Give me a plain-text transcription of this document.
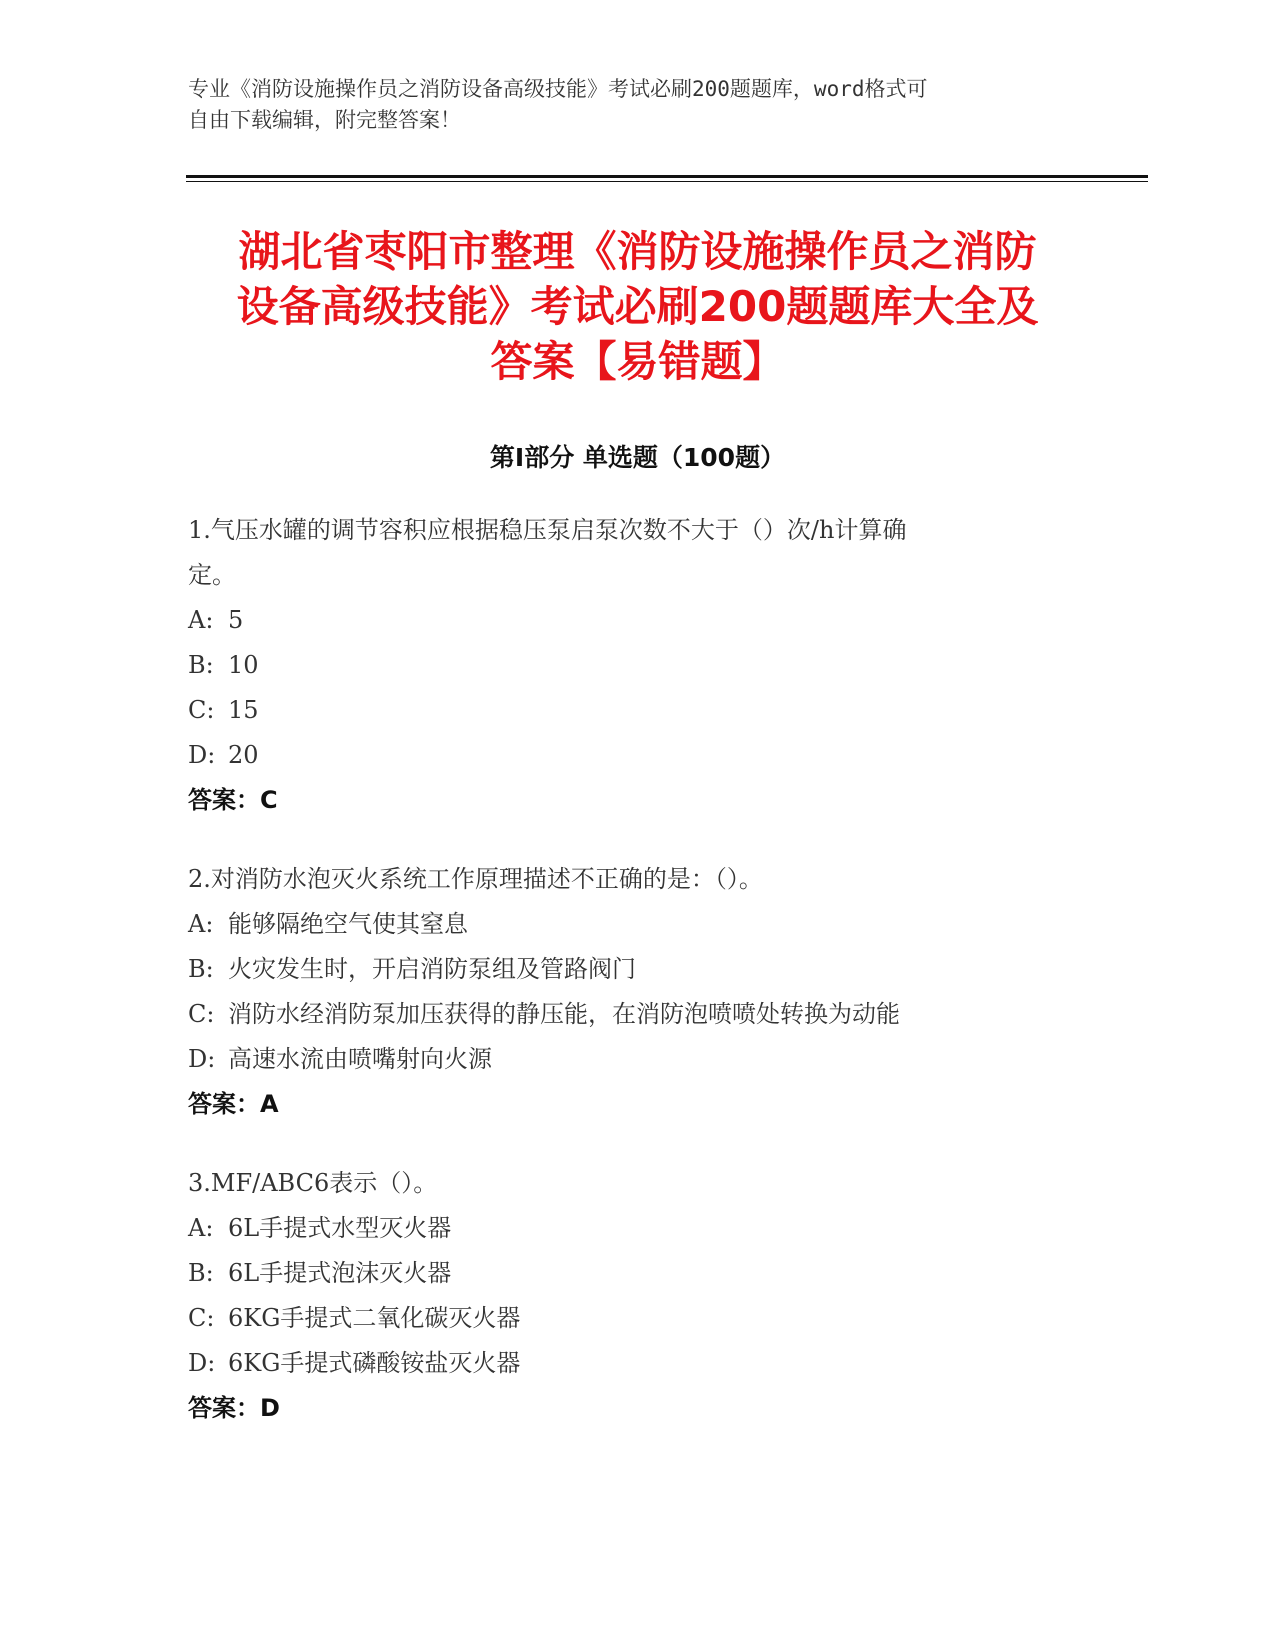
专业《消防设施操作员之消防设备高级技能》考试必刷200题题库，word格式可
自由下载编辑，附完整答案！
湖北省枣阳市整理《消防设施操作员之消防
设备高级技能》考试必刷200题题库大全及
答案【易错题】
第Ⅰ部分 单选题（100题）
1.气压水罐的调节容积应根据稳压泵启泵次数不大于（）次/h计算确
定。
A: 5
B: 10
C: 15
D: 20
答案：C
2.对消防水泡灭火系统工作原理描述不正确的是：（）。
A: 能够隔绝空气使其窒息
B: 火灾发生时，开启消防泵组及管路阀门
C: 消防水经消防泵加压获得的静压能，在消防泡喷喷处转换为动能
D: 高速水流由喷嘴射向火源
答案：A
3.MF/ABC6表示（）。
A: 6L手提式水型灭火器
B: 6L手提式泡沫灭火器
C: 6KG手提式二氧化碳灭火器
D: 6KG手提式磷酸铵盐灭火器
答案：D
